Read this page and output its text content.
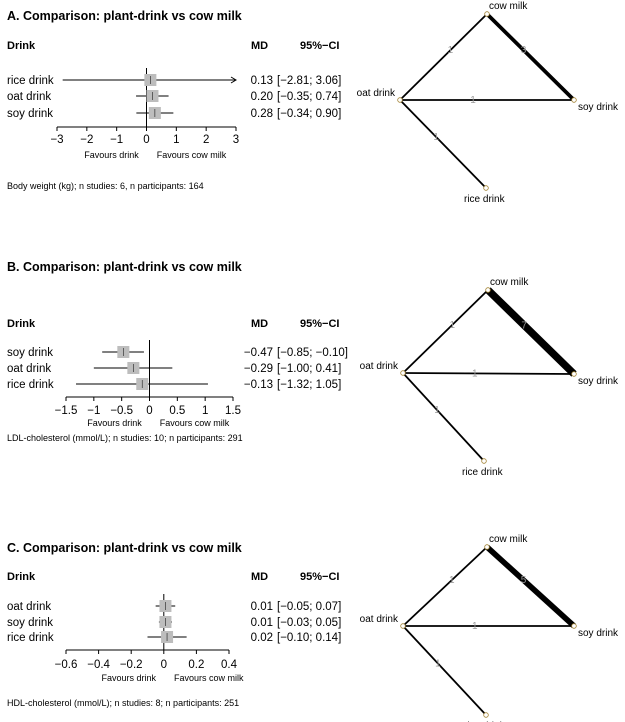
A. Comparison: plant-drink vs cow milk
Drink	MD	95%−CI
rice drink	0.13 [−2.81; 3.06]
oat drink	0.20 [−0.35; 0.74]
soy drink	0.28 [−0.34; 0.90]
−3 −2 −1 0 1 2 3
Favours drink Favours cow milk
Body weight (kg); n studies: 6, n participants: 164
1	3
1
1
cow milk
oat drink
soy drink
rice drink
B. Comparison: plant-drink vs cow milk
Drink	MD	95%−CI
soy drink	−0.47 [−0.85; −0.10]
oat drink	−0.29 [−1.00; 0.41]
rice drink	−0.13 [−1.32; 1.05]
−1.5 −1 −0.5 0 0.5 1 1.5
Favours drink Favours cow milk
LDL-cholesterol (mmol/L); n studies: 10; n participants: 291
1	7
1
1
cow milk
oat drink
soy drink
rice drink
C. Comparison: plant-drink vs cow milk
Drink	MD	95%−CI
oat drink	0.01 [−0.05; 0.07]
soy drink	0.01 [−0.03; 0.05]
rice drink	0.02 [−0.10; 0.14]
−0.6 −0.4 −0.2 0 0.2 0.4
Favours drink Favours cow milk
HDL-cholesterol (mmol/L); n studies: 8; n participants: 251
1	5
1
1
cow milk
oat drink
soy drink
